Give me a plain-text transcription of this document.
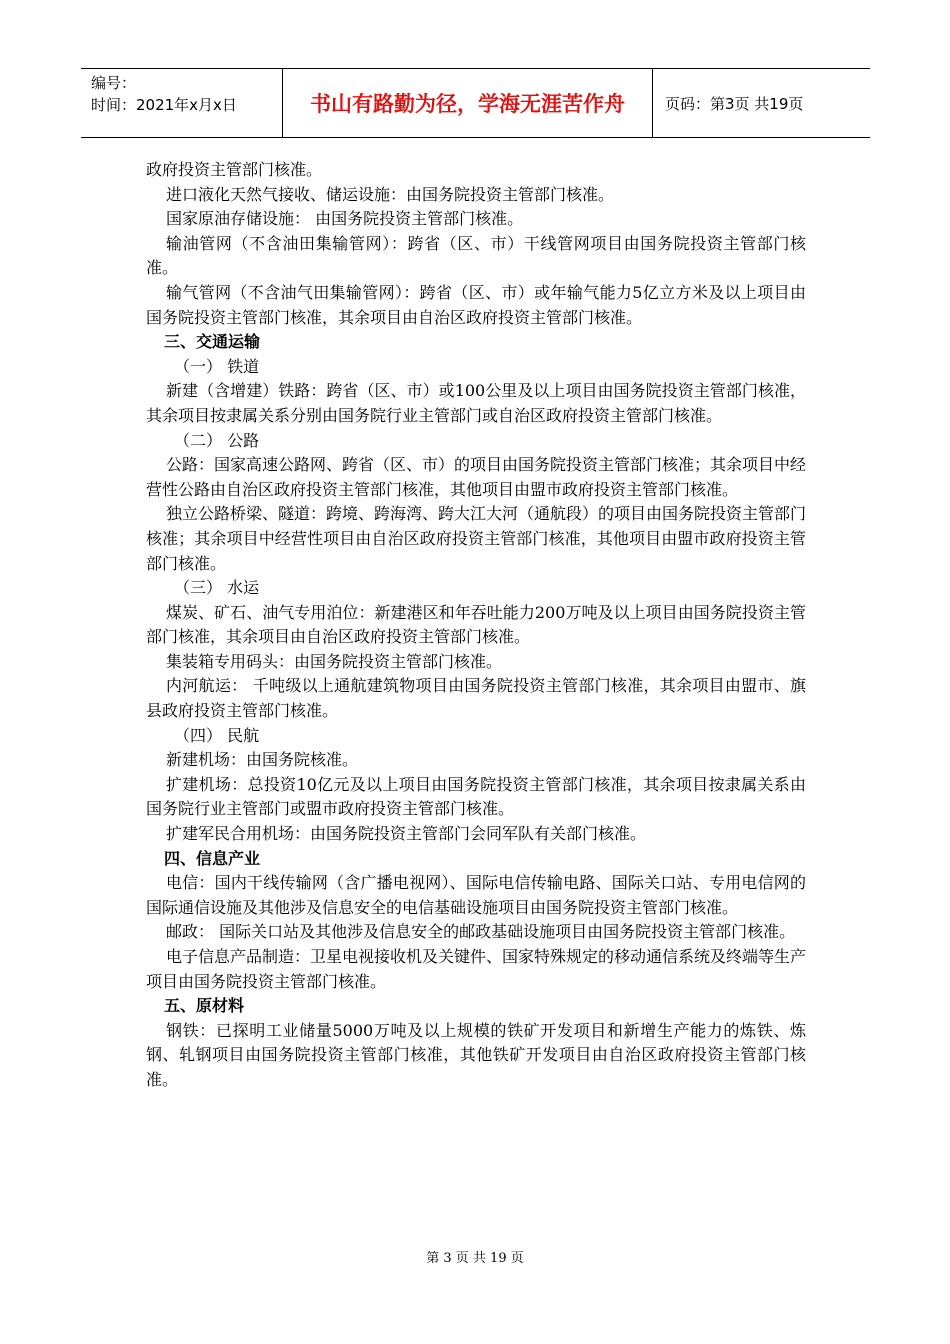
编号：
时间：2021年x月x日	书山有路勤为径，学海无涯苦作舟	页码：第3页 共19页

政府投资主管部门核准。

进口液化天然气接收、储运设施：由国务院投资主管部门核准。

国家原油存储设施： 由国务院投资主管部门核准。

输油管网（不含油田集输管网）：跨省（区、市）干线管网项目由国务院投资主管部门核准。

输气管网（不含油气田集输管网）：跨省（区、市）或年输气能力5亿立方米及以上项目由国务院投资主管部门核准，其余项目由自治区政府投资主管部门核准。

三、交通运输

（一） 铁道

新建（含增建）铁路：跨省（区、市）或100公里及以上项目由国务院投资主管部门核准，其余项目按隶属关系分别由国务院行业主管部门或自治区政府投资主管部门核准。

（二） 公路

公路：国家高速公路网、跨省（区、市）的项目由国务院投资主管部门核准；其余项目中经营性公路由自治区政府投资主管部门核准，其他项目由盟市政府投资主管部门核准。

独立公路桥梁、隧道：跨境、跨海湾、跨大江大河（通航段）的项目由国务院投资主管部门核准；其余项目中经营性项目由自治区政府投资主管部门核准，其他项目由盟市政府投资主管部门核准。

（三） 水运

煤炭、矿石、油气专用泊位：新建港区和年吞吐能力200万吨及以上项目由国务院投资主管部门核准，其余项目由自治区政府投资主管部门核准。

集装箱专用码头：由国务院投资主管部门核准。

内河航运： 千吨级以上通航建筑物项目由国务院投资主管部门核准，其余项目由盟市、旗县政府投资主管部门核准。

（四） 民航

新建机场：由国务院核准。

扩建机场：总投资10亿元及以上项目由国务院投资主管部门核准，其余项目按隶属关系由国务院行业主管部门或盟市政府投资主管部门核准。

扩建军民合用机场：由国务院投资主管部门会同军队有关部门核准。

四、信息产业

电信：国内干线传输网（含广播电视网）、国际电信传输电路、国际关口站、专用电信网的国际通信设施及其他涉及信息安全的电信基础设施项目由国务院投资主管部门核准。

邮政： 国际关口站及其他涉及信息安全的邮政基础设施项目由国务院投资主管部门核准。

电子信息产品制造：卫星电视接收机及关键件、国家特殊规定的移动通信系统及终端等生产项目由国务院投资主管部门核准。

五、原材料

钢铁：已探明工业储量5000万吨及以上规模的铁矿开发项目和新增生产能力的炼铁、炼钢、轧钢项目由国务院投资主管部门核准，其他铁矿开发项目由自治区政府投资主管部门核准。

第 3 页 共 19 页
